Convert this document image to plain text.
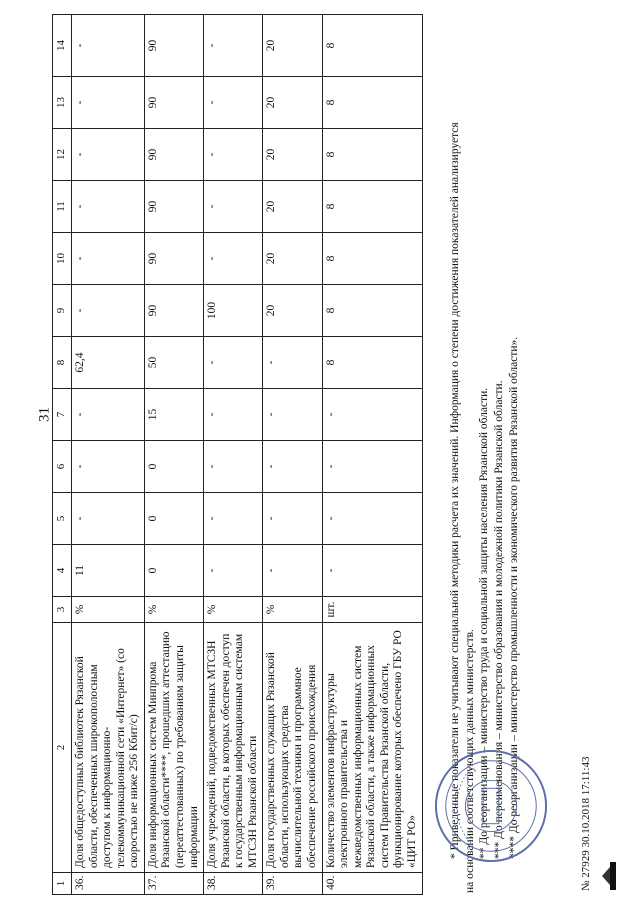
31
1	2	3	4	5	6	7	8	9	10	11	12	13	14
36.	Доля общедоступных библиотек Рязанской области, обеспеченных широкополосным доступом к информационно-телекоммуникационной сети «Интернет» (со скоростью не ниже 256 Кбит/с)	%	11	-	-	-	62,4	-	-	-	-	-	-
37.	Доля информационных систем Минпрома Рязанской области****, прошедших аттестацию (переаттестованных) по требованиям защиты информации	%	0	0	0	15	50	90	90	90	90	90	90
38.	Доля учреждений, подведомственных МТСЗН Рязанской области, в которых обеспечен доступ к государственным информационным системам МТСЗН Рязанской области	%	-	-	-	-	-	100	-	-	-	-	-
39.	Доля государственных служащих Рязанской области, использующих средства вычислительной техники и программное обеспечение российского происхождения	%	-	-	-	-	-	20	20	20	20	20	20
40.	Количество элементов инфраструктуры электронного правительства и межведомственных информационных систем Рязанской области, а также информационных систем Правительства Рязанской области, функционирование которых обеспечено ГБУ РО «ЦИТ РО»	шт.	-	-	-	-	8	8	8	8	8	8	8
* Приведенные показатели не учитывают специальной методики расчета их значений. Информация о степени достижения показателей анализируется на основании соответствующих данных министерств. ** До реорганизации – министерство труда и социальной защиты населения Рязанской области. *** До переименования – министерство образования и молодежной политики Рязанской области. **** До реорганизации – министерство промышленности и экономического развития Рязанской области».	№ 27929 30.10.2018 17:11:43
